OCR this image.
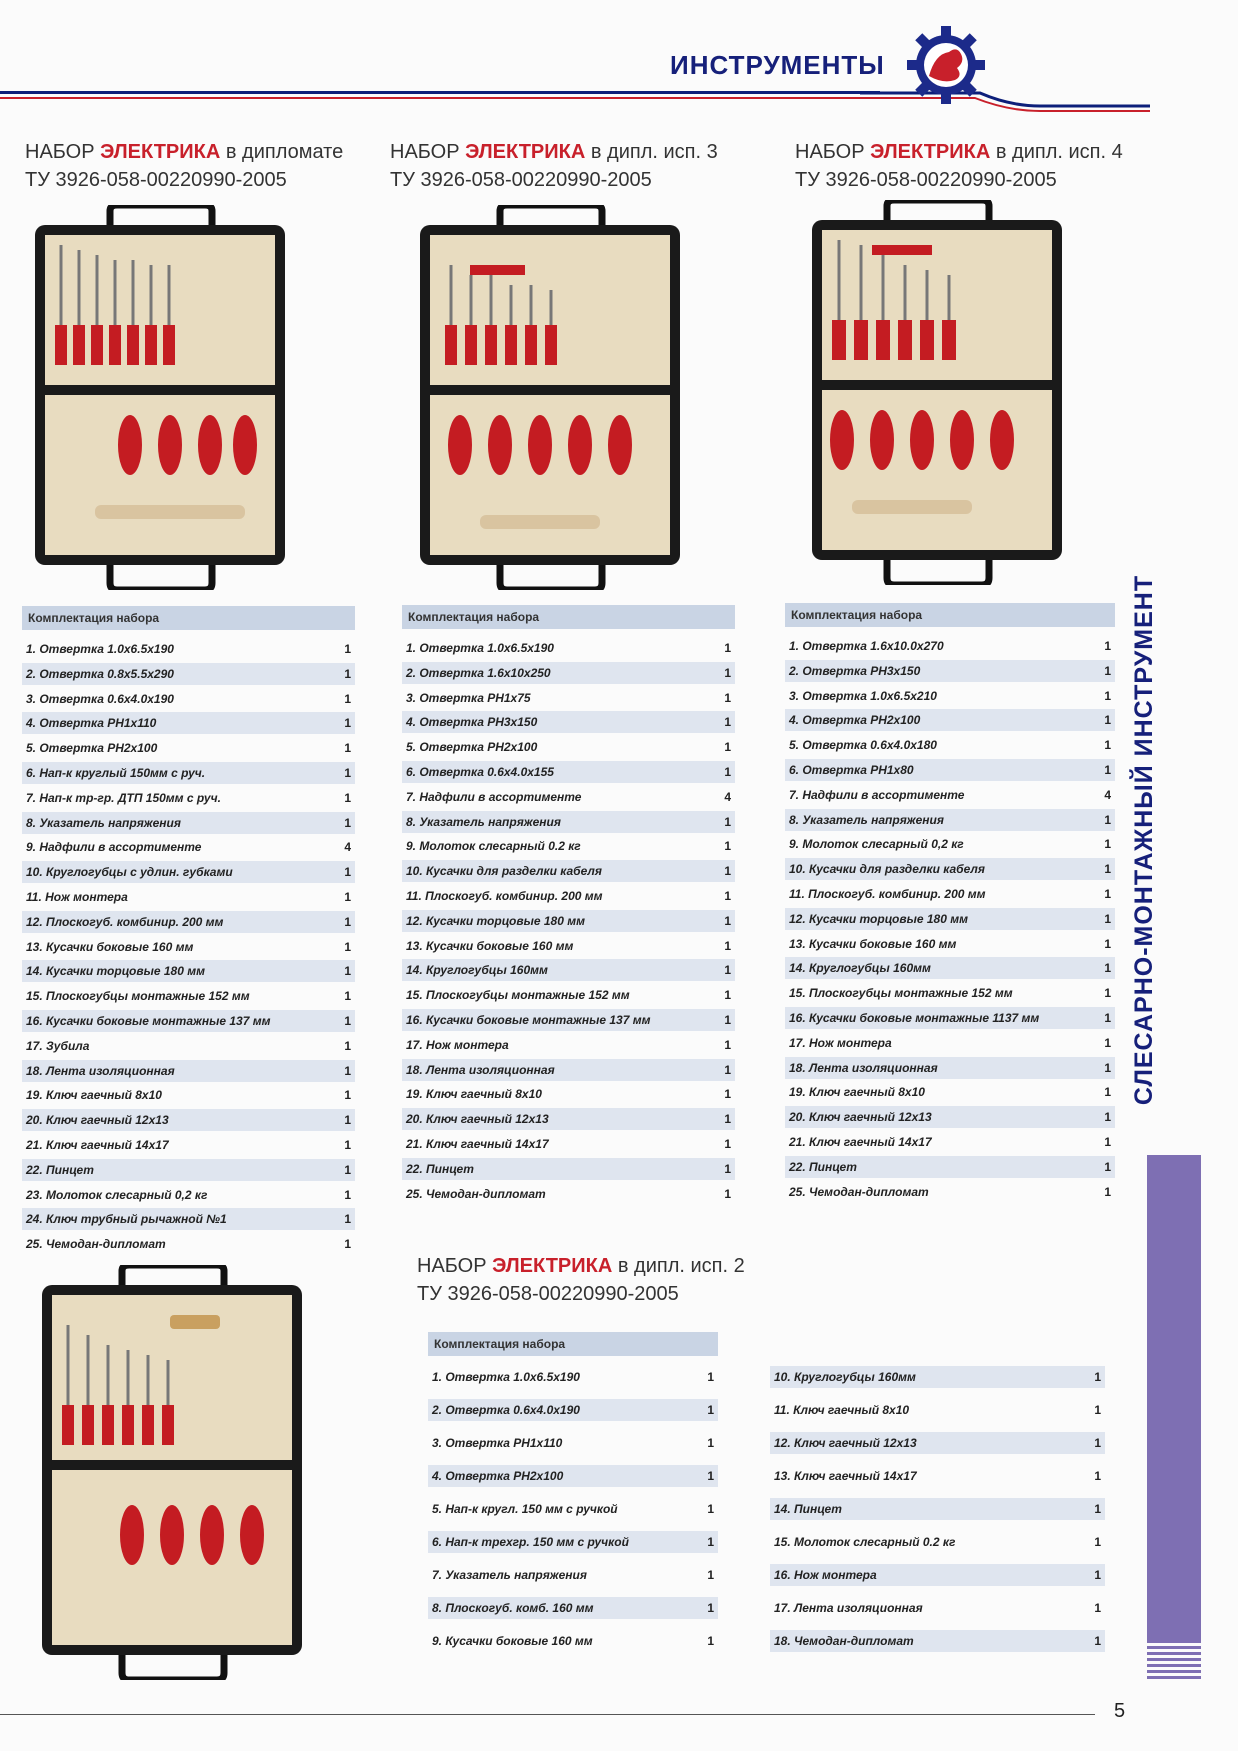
ИНСТРУМЕНТЫ
СЛЕСАРНО-МОНТАЖНЫЙ ИНСТРУМЕНТ
НАБОР ЭЛЕКТРИКА в дипломате
ТУ 3926-058-00220990-2005
Комплектация набора
1. Отвертка 1.0х6.5х190	1
2. Отвертка 0.8х5.5х290	1
3. Отвертка 0.6х4.0х190	1
4. Отвертка PH1х110	1
5. Отвертка PH2х100	1
6. Нап-к круглый 150мм с руч.	1
7. Нап-к тр-гр. ДТП 150мм с руч.	1
8. Указатель напряжения	1
9. Надфили в ассортименте	4
10. Круглогубцы с удлин. губками	1
11. Нож монтера	1
12. Плоскогуб. комбинир. 200 мм	1
13. Кусачки боковые 160 мм	1
14. Кусачки торцовые 180 мм	1
15. Плоскогубцы монтажные 152 мм	1
16. Кусачки боковые монтажные 137 мм	1
17. Зубила	1
18. Лента изоляционная	1
19. Ключ гаечный 8х10	1
20. Ключ гаечный 12х13	1
21. Ключ гаечный 14х17	1
22. Пинцет	1
23. Молоток слесарный 0,2 кг	1
24. Ключ трубный рычажной №1	1
25. Чемодан-дипломат	1
НАБОР ЭЛЕКТРИКА в дипл. исп. 3
ТУ 3926-058-00220990-2005
Комплектация набора
1. Отвертка 1.0х6.5х190	1
2. Отвертка 1.6х10х250	1
3. Отвертка PH1х75	1
4. Отвертка PH3х150	1
5. Отвертка PH2х100	1
6. Отвертка 0.6х4.0х155	1
7. Надфили в ассортименте	4
8. Указатель напряжения	1
9. Молоток слесарный 0.2 кг	1
10. Кусачки для разделки кабеля	1
11. Плоскогуб. комбинир. 200 мм	1
12. Кусачки торцовые 180 мм	1
13. Кусачки боковые 160 мм	1
14. Круглогубцы 160мм	1
15. Плоскогубцы монтажные 152 мм	1
16. Кусачки боковые монтажные 137 мм	1
17. Нож монтера	1
18. Лента изоляционная	1
19. Ключ гаечный 8х10	1
20. Ключ гаечный 12х13	1
21. Ключ гаечный 14х17	1
22. Пинцет	1
25. Чемодан-дипломат	1
НАБОР ЭЛЕКТРИКА в дипл. исп. 4
ТУ 3926-058-00220990-2005
Комплектация набора
1. Отвертка 1.6х10.0х270	1
2. Отвертка PH3х150	1
3. Отвертка 1.0х6.5х210	1
4. Отвертка PH2х100	1
5. Отвертка 0.6х4.0х180	1
6. Отвертка PH1х80	1
7. Надфили в ассортименте	4
8. Указатель напряжения	1
9. Молоток слесарный 0,2 кг	1
10. Кусачки для разделки кабеля	1
11. Плоскогуб. комбинир. 200 мм	1
12. Кусачки торцовые 180 мм	1
13. Кусачки боковые 160 мм	1
14. Круглогубцы 160мм	1
15. Плоскогубцы монтажные 152 мм	1
16. Кусачки боковые монтажные 1137 мм	1
17. Нож монтера	1
18. Лента изоляционная	1
19. Ключ гаечный 8х10	1
20. Ключ гаечный 12х13	1
21. Ключ гаечный 14х17	1
22. Пинцет	1
25. Чемодан-дипломат	1
НАБОР ЭЛЕКТРИКА в дипл. исп. 2
ТУ 3926-058-00220990-2005
Комплектация набора
1. Отвертка 1.0х6.5х190	1
2. Отвертка 0.6х4.0х190	1
3. Отвертка PH1х110	1
4. Отвертка PH2х100	1
5. Нап-к кругл. 150 мм с ручкой	1
6. Нап-к трехгр. 150 мм с ручкой	1
7. Указатель напряжения	1
8. Плоскогуб. комб. 160 мм	1
9. Кусачки боковые 160 мм	1
10. Круглогубцы 160мм	1
11. Ключ гаечный 8х10	1
12. Ключ гаечный 12х13	1
13. Ключ гаечный 14х17	1
14. Пинцет	1
15. Молоток слесарный 0.2 кг	1
16. Нож монтера	1
17. Лента изоляционная	1
18. Чемодан-дипломат	1
5
